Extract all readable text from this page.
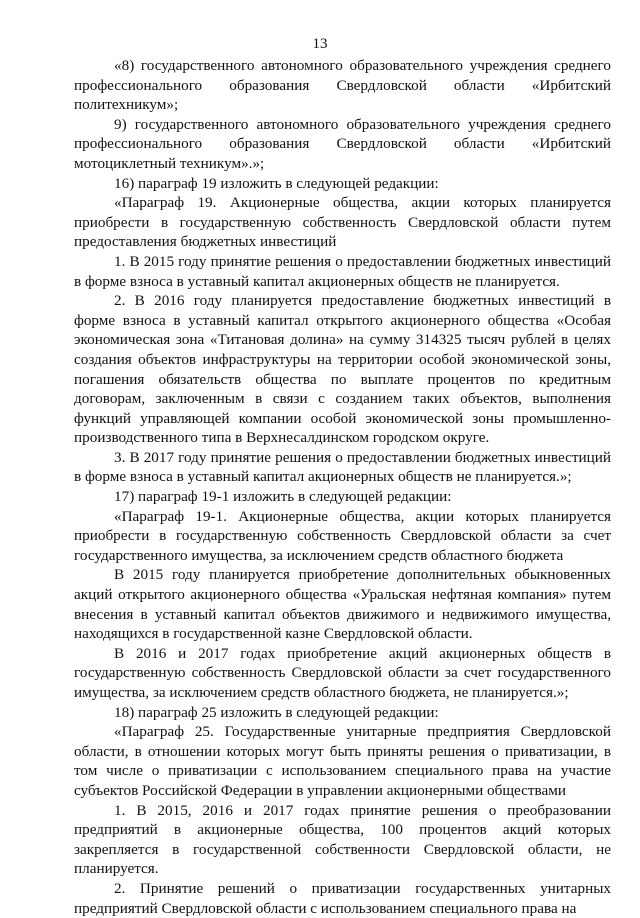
13

«8) государственного автономного образовательного учреждения среднего профессионального образования Свердловской области «Ирбитский политехникум»;

9) государственного автономного образовательного учреждения среднего профессионального образования Свердловской области «Ирбитский мотоциклетный техникум».»;

16) параграф 19 изложить в следующей редакции:

«Параграф 19. Акционерные общества, акции которых планируется приобрести в государственную собственность Свердловской области путем предоставления бюджетных инвестиций

1. В 2015 году принятие решения о предоставлении бюджетных инвестиций в форме взноса в уставный капитал акционерных обществ не планируется.

2. В 2016 году планируется предоставление бюджетных инвестиций в форме взноса в уставный капитал открытого акционерного общества «Особая экономическая зона «Титановая долина» на сумму 314325 тысяч рублей в целях создания объектов инфраструктуры на территории особой экономической зоны, погашения обязательств общества по выплате процентов по кредитным договорам, заключенным в связи с созданием таких объектов, выполнения функций управляющей компании особой экономической зоны промышленно-производственного типа в Верхнесалдинском городском округе.

3. В 2017 году принятие решения о предоставлении бюджетных инвестиций в форме взноса в уставный капитал акционерных обществ не планируется.»;

17) параграф 19-1 изложить в следующей редакции:

«Параграф 19-1. Акционерные общества, акции которых планируется приобрести в государственную собственность Свердловской области за счет государственного имущества, за исключением средств областного бюджета

В 2015 году планируется приобретение дополнительных обыкновенных акций открытого акционерного общества «Уральская нефтяная компания» путем внесения в уставный капитал объектов движимого и недвижимого имущества, находящихся в государственной казне Свердловской области.

В 2016 и 2017 годах приобретение акций акционерных обществ в государственную собственность Свердловской области за счет государственного имущества, за исключением средств областного бюджета, не планируется.»;

18) параграф 25 изложить в следующей редакции:

«Параграф 25. Государственные унитарные предприятия Свердловской области, в отношении которых могут быть приняты решения о приватизации, в том числе о приватизации с использованием специального права на участие субъектов Российской Федерации в управлении акционерными обществами

1. В 2015, 2016 и 2017 годах принятие решения о преобразовании предприятий в акционерные общества, 100 процентов акций которых закрепляется в государственной собственности Свердловской области, не планируется.

2. Принятие решений о приватизации государственных унитарных предприятий Свердловской области с использованием специального права на
